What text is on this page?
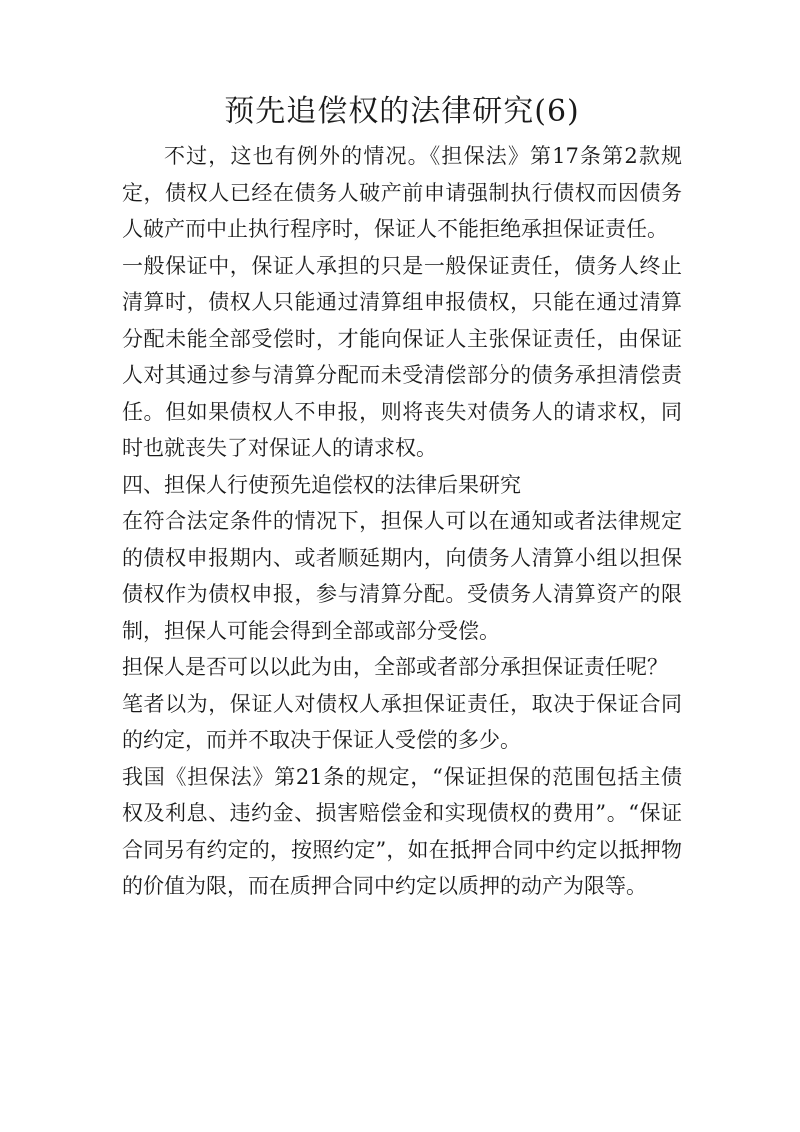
预先追偿权的法律研究(6)

不过，这也有例外的情况。《担保法》第17条第2款规定，债权人已经在债务人破产前申请强制执行债权而因债务人破产而中止执行程序时，保证人不能拒绝承担保证责任。

一般保证中，保证人承担的只是一般保证责任，债务人终止清算时，债权人只能通过清算组申报债权，只能在通过清算分配未能全部受偿时，才能向保证人主张保证责任，由保证人对其通过参与清算分配而未受清偿部分的债务承担清偿责任。但如果债权人不申报，则将丧失对债务人的请求权，同时也就丧失了对保证人的请求权。

四、担保人行使预先追偿权的法律后果研究

在符合法定条件的情况下，担保人可以在通知或者法律规定的债权申报期内、或者顺延期内，向债务人清算小组以担保债权作为债权申报，参与清算分配。受债务人清算资产的限制，担保人可能会得到全部或部分受偿。

担保人是否可以以此为由，全部或者部分承担保证责任呢？

笔者以为，保证人对债权人承担保证责任，取决于保证合同的约定，而并不取决于保证人受偿的多少。

我国《担保法》第21条的规定，“保证担保的范围包括主债权及利息、违约金、损害赔偿金和实现债权的费用”。“保证合同另有约定的，按照约定”，如在抵押合同中约定以抵押物的价值为限，而在质押合同中约定以质押的动产为限等。
